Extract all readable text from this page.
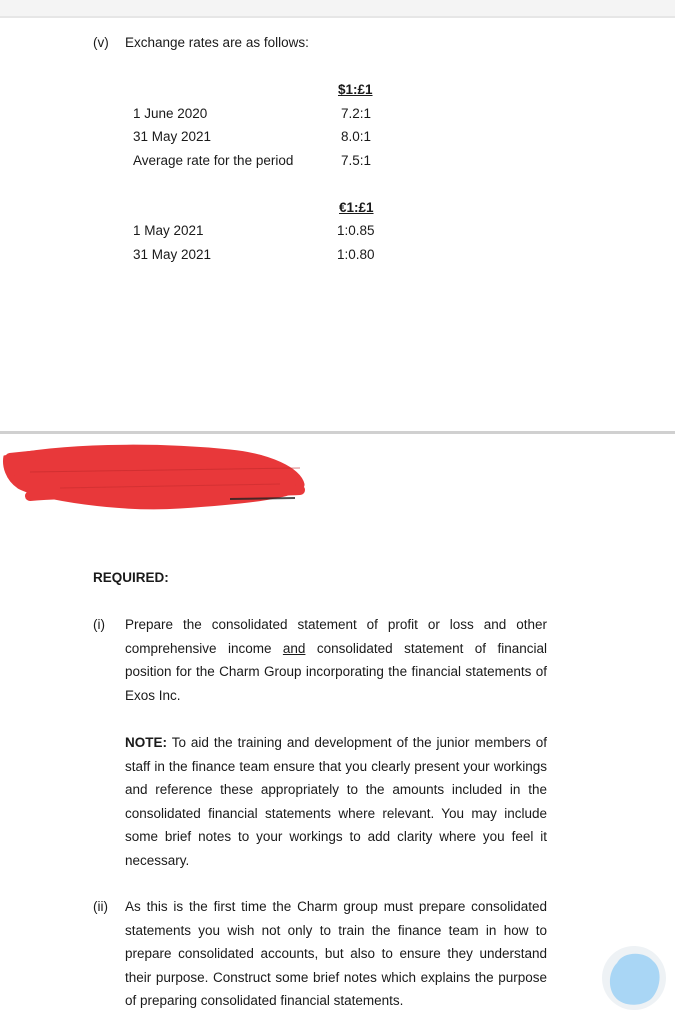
(v) Exchange rates are as follows:
$1:£1
1 June 2020	7.2:1
31 May 2021	8.0:1
Average rate for the period	7.5:1
€1:£1
1 May 2021	1:0.85
31 May 2021	1:0.80
REQUIRED:
(i) Prepare the consolidated statement of profit or loss and other comprehensive income and consolidated statement of financial position for the Charm Group incorporating the financial statements of Exos Inc.
NOTE: To aid the training and development of the junior members of staff in the finance team ensure that you clearly present your workings and reference these appropriately to the amounts included in the consolidated financial statements where relevant. You may include some brief notes to your workings to add clarity where you feel it necessary.
(ii) As this is the first time the Charm group must prepare consolidated statements you wish not only to train the finance team in how to prepare consolidated accounts, but also to ensure they understand their purpose. Construct some brief notes which explains the purpose of preparing consolidated financial statements.
